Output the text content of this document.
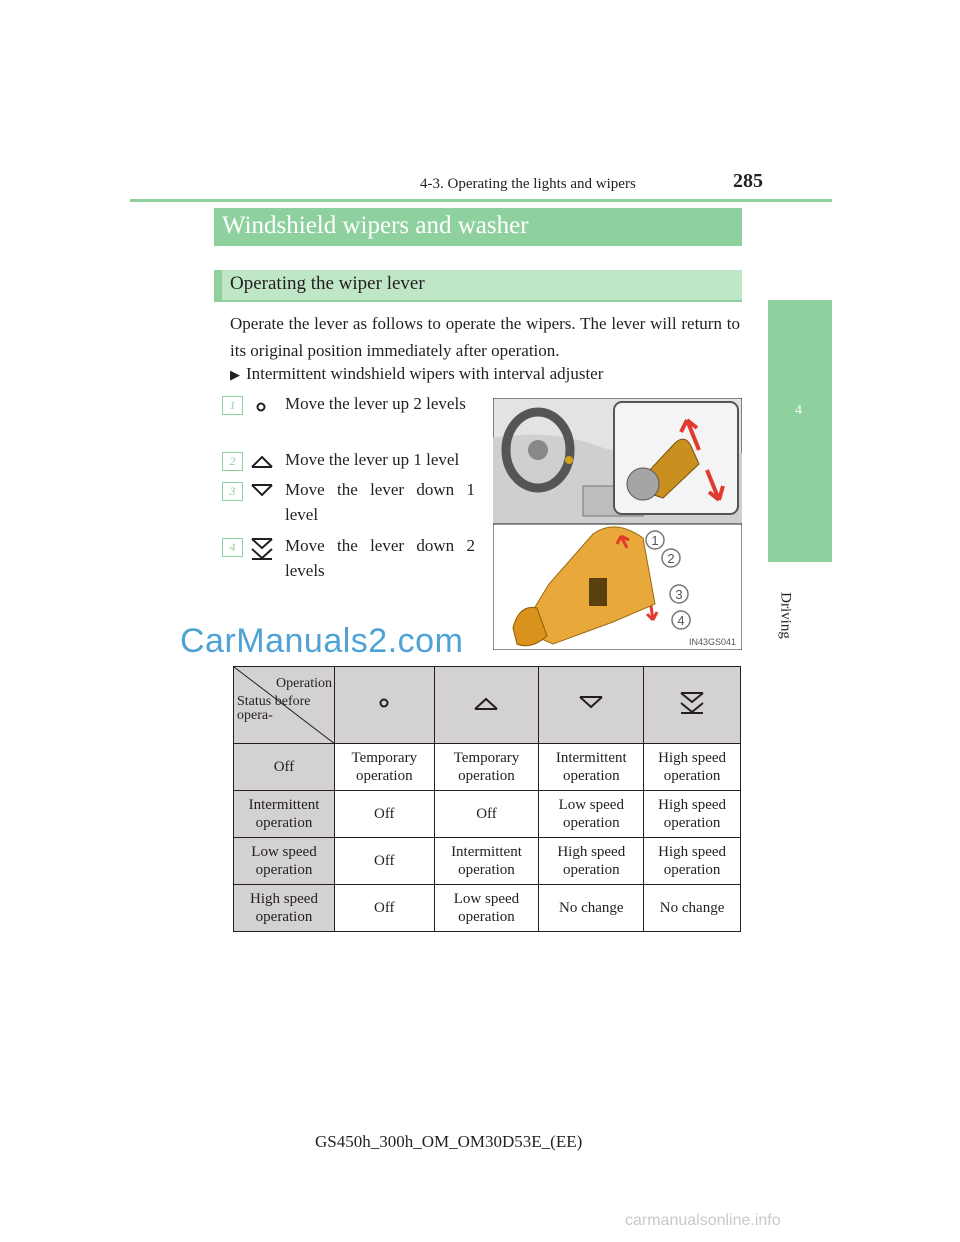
4-3. Operating the lights and wipers	285
4
Driving
Windshield wipers and washer
Operating the wiper lever
Operate the lever as follows to operate the wipers. The lever will return to its original position immediately after operation.
▶ Intermittent windshield wipers with interval adjuster
1	Move the lever up 2 levels
2	Move the lever up 1 level
3	Move the lever down 1 level
4	Move the lever down 2 levels
1
2
3
4
IN43GS041
CarManuals2.com
Operation
Status before opera-

Off	Temporary operation	Temporary operation	Intermittent operation	High speed operation
Intermittent operation	Off	Off	Low speed operation	High speed operation
Low speed operation	Off	Intermittent operation	High speed operation	High speed operation
High speed operation	Off	Low speed operation	No change	No change
GS450h_300h_OM_OM30D53E_(EE)
carmanualsonline.info
